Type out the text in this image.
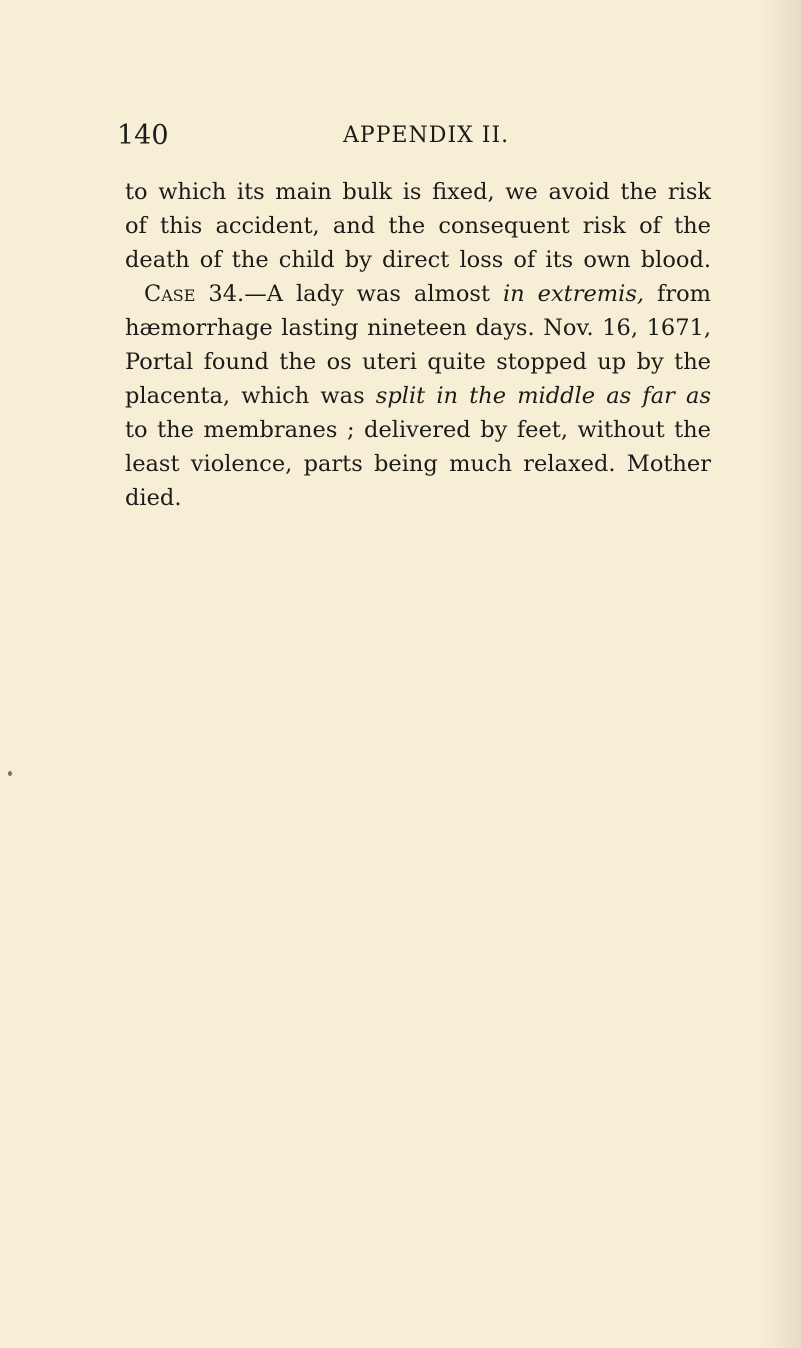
140	APPENDIX II.
to which its main bulk is fixed, we avoid the risk
of this accident, and the consequent risk of the
death of the child by direct loss of its own blood.
Case 34.—A lady was almost in extremis, from
hæmorrhage lasting nineteen days. Nov. 16, 1671,
Portal found the os uteri quite stopped up by the
placenta, which was split in the middle as far as
to the membranes ; delivered by feet, without the
least violence, parts being much relaxed. Mother
died.
